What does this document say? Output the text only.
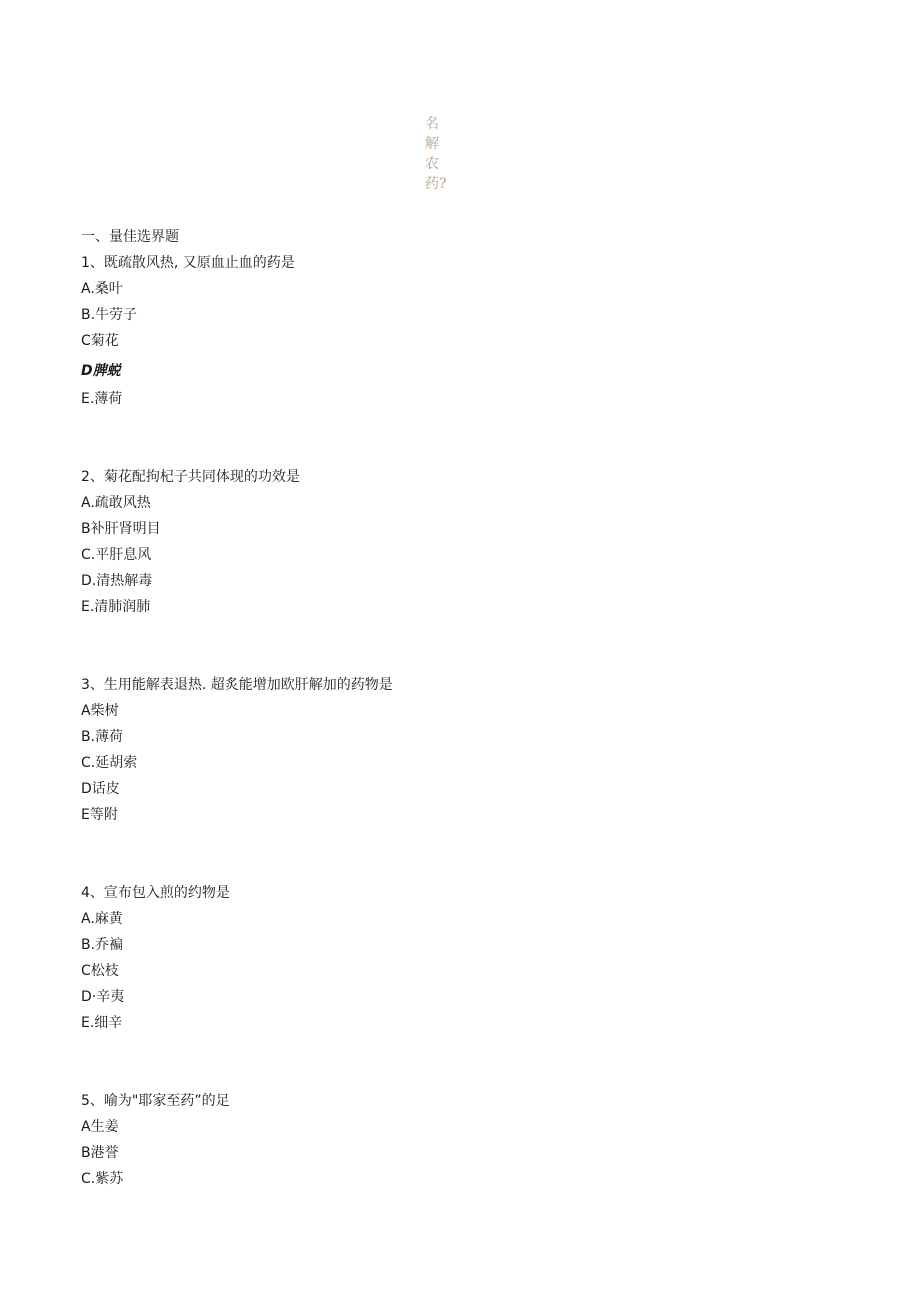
名
解
农
药?
一、量佳选界题
1、既疏散风热, 又原血止血的药是
A.桑叶
B.牛劳子
C菊花
D脾蜕
E.薄荷
2、菊花配拘杞子共同体现的功效是
A.疏敢风热
B补肝肾明目
C.平肝息风
D.清热解毒
E.清肺润肺
3、生用能解表退热. 超炙能增加欧肝解加的药物是
A柴树
B.薄荷
C.延胡索
D话皮
E等附
4、宣布包入煎的约物是
A.麻黄
B.乔褊
C松枝
D·辛夷
E.细辛
5、喻为"耶家至药”的足
A生姜
B港誉
C.紫苏
